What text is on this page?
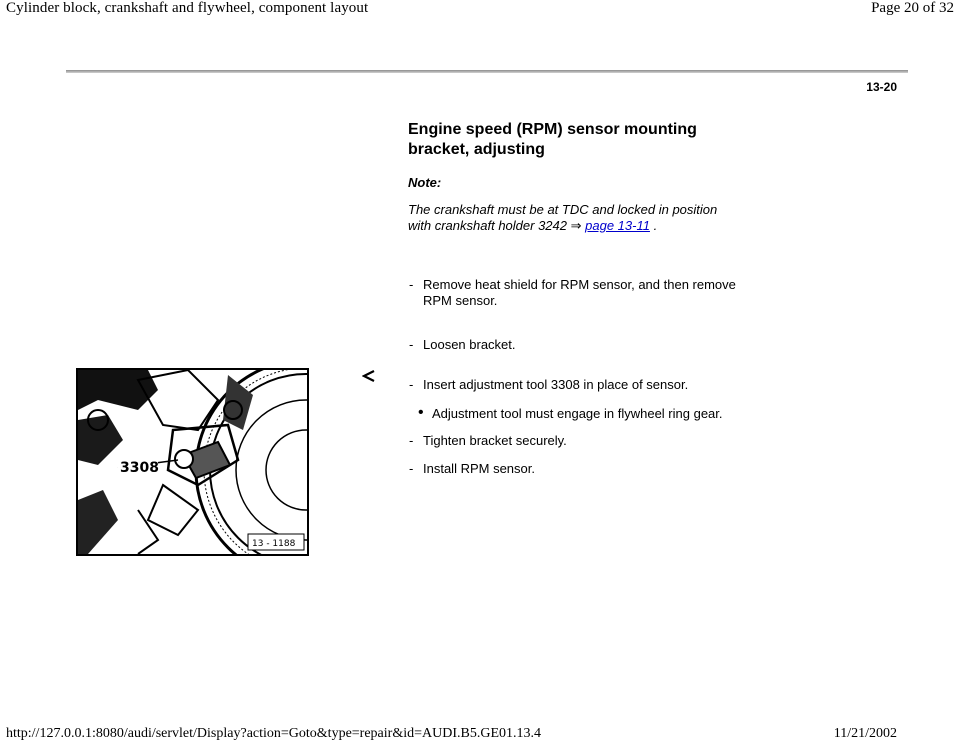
Cylinder block, crankshaft and flywheel, component layout	Page 20 of 32
13-20
Engine speed (RPM) sensor mounting bracket, adjusting
Note:
The crankshaft must be at TDC and locked in position with crankshaft holder 3242 ⇒ page 13-11 .
- Remove heat shield for RPM sensor, and then remove RPM sensor.
- Loosen bracket.
- Insert adjustment tool 3308 in place of sensor.
• Adjustment tool must engage in flywheel ring gear.
- Tighten bracket securely.
- Install RPM sensor.
3308
13 - 1188
http://127.0.0.1:8080/audi/servlet/Display?action=Goto&type=repair&id=AUDI.B5.GE01.13.4	11/21/2002
